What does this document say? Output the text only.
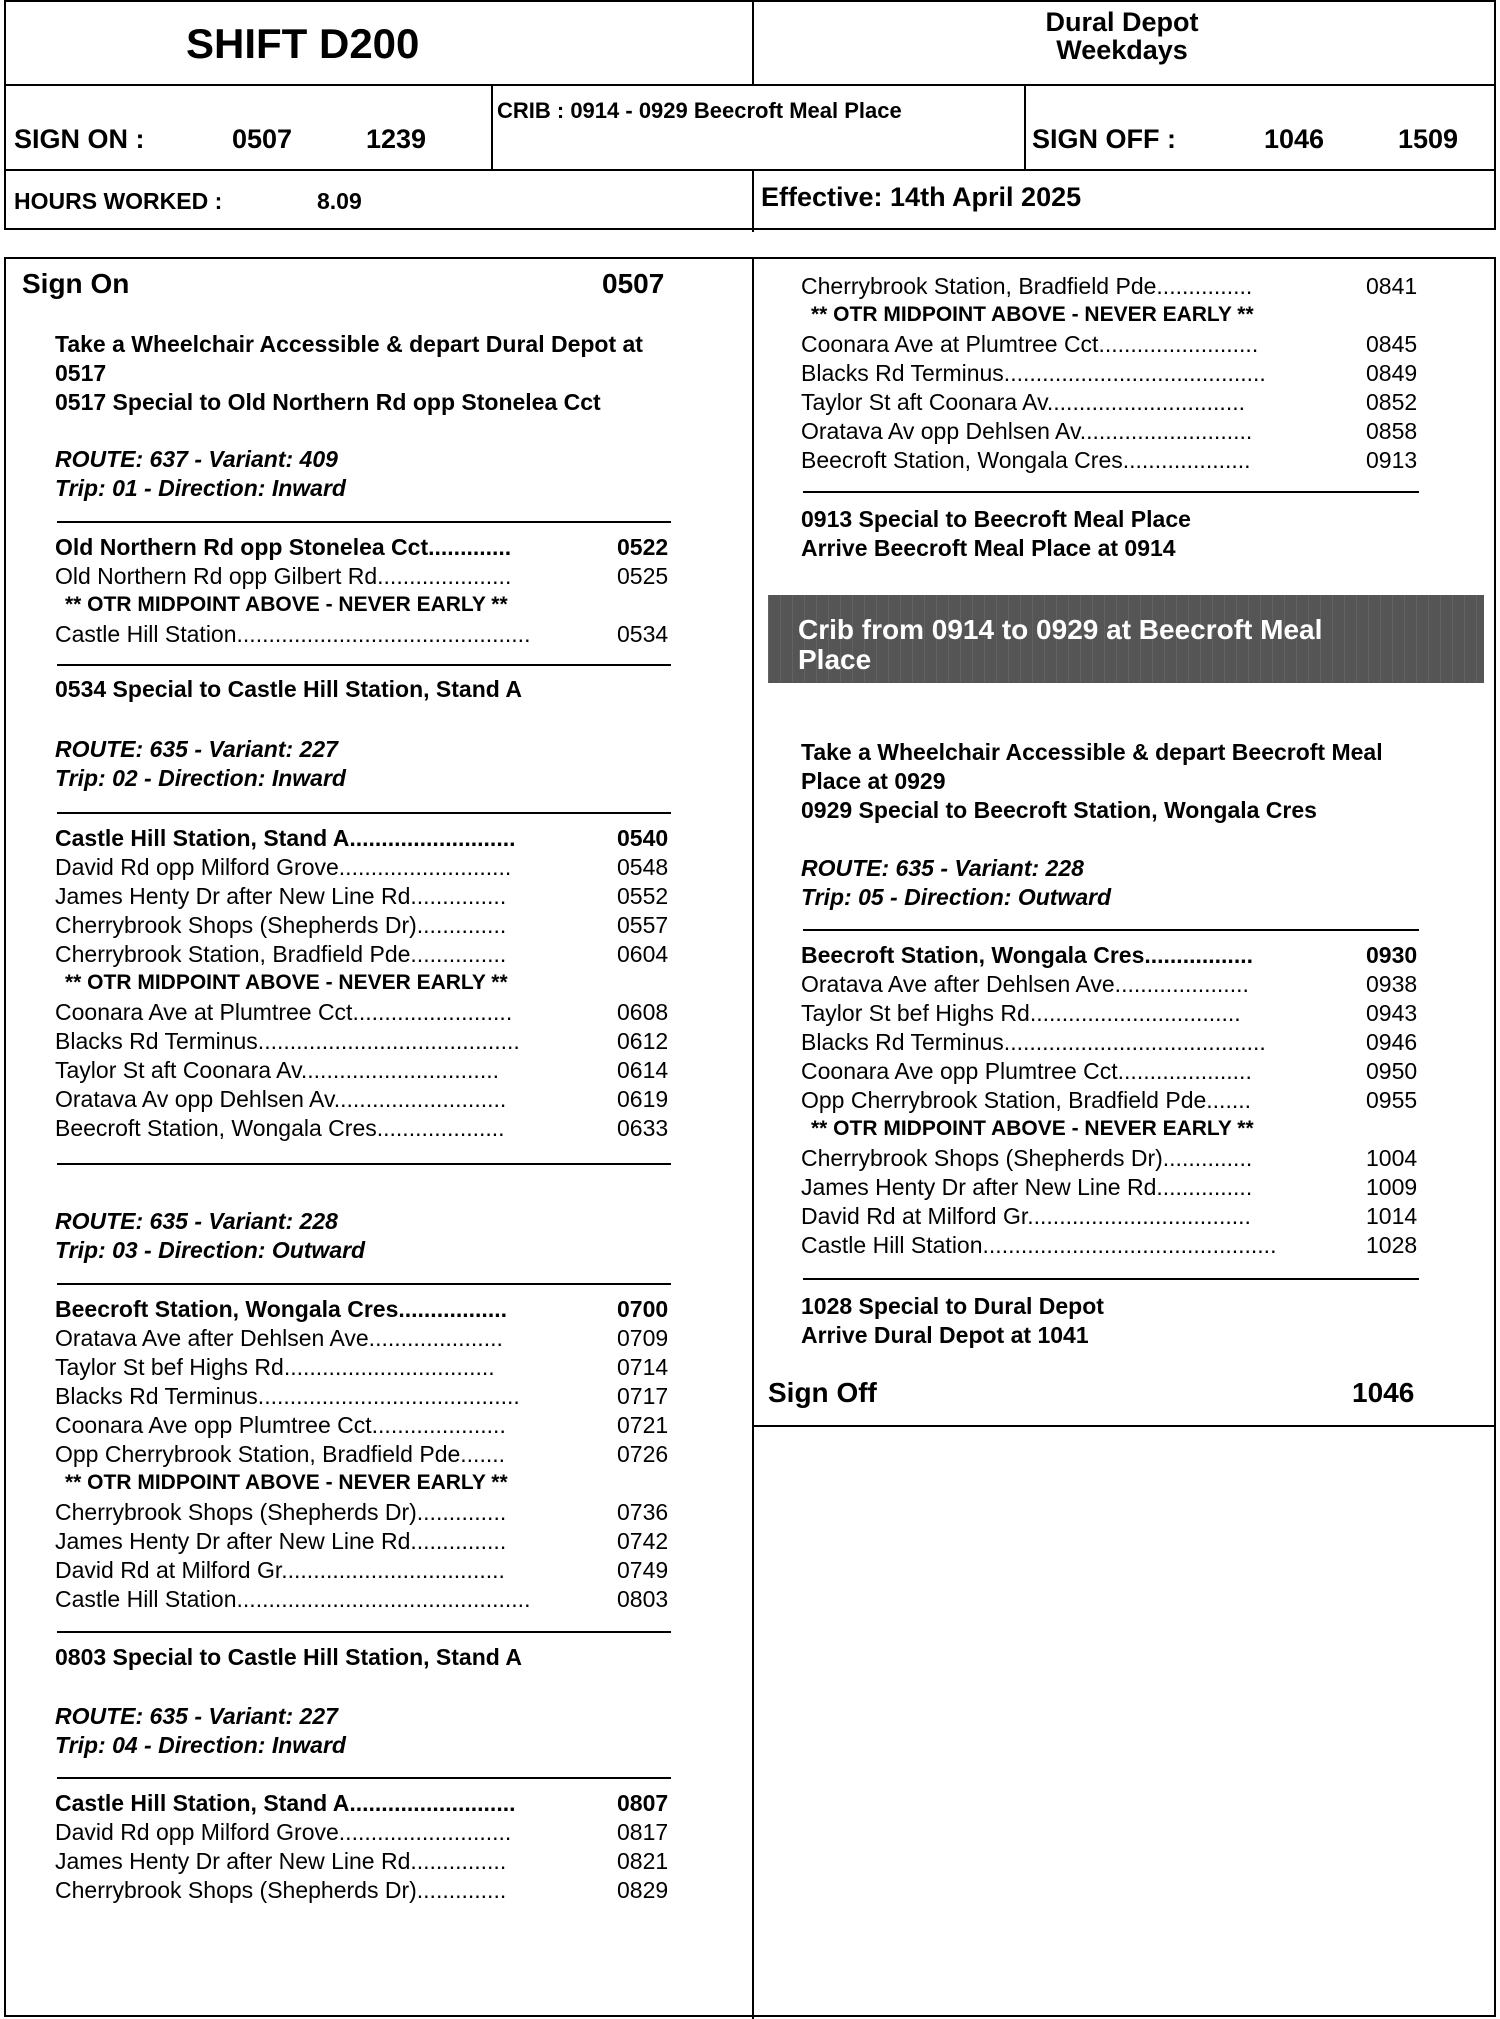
SHIFT D200	Dural Depot
Weekdays
SIGN ON :	0507	1239
CRIB : 0914 - 0929 Beecroft Meal Place
SIGN OFF :	1046	1509
HOURS WORKED :	8.09	Effective: 14th April 2025
Sign On	0507
Take a Wheelchair Accessible & depart Dural Depot at
0517
0517 Special to Old Northern Rd opp Stonelea Cct
ROUTE: 637 - Variant: 409
Trip: 01 - Direction: Inward
Old Northern Rd opp Stonelea Cct.............	0522
Old Northern Rd opp Gilbert Rd.....................	0525
** OTR MIDPOINT ABOVE - NEVER EARLY **
Castle Hill Station..............................................	0534
0534 Special to Castle Hill Station, Stand A
ROUTE: 635 - Variant: 227
Trip: 02 - Direction: Inward
Castle Hill Station, Stand A..........................	0540
David Rd opp Milford Grove...........................	0548
James Henty Dr after New Line Rd...............	0552
Cherrybrook Shops (Shepherds Dr)..............	0557
Cherrybrook Station, Bradfield Pde...............	0604
** OTR MIDPOINT ABOVE - NEVER EARLY **
Coonara Ave at Plumtree Cct.........................	0608
Blacks Rd Terminus.........................................	0612
Taylor St aft Coonara Av...............................	0614
Oratava Av opp Dehlsen Av...........................	0619
Beecroft Station, Wongala Cres....................	0633
ROUTE: 635 - Variant: 228
Trip: 03 - Direction: Outward
Beecroft Station, Wongala Cres.................	0700
Oratava Ave after Dehlsen Ave.....................	0709
Taylor St bef Highs Rd.................................	0714
Blacks Rd Terminus.........................................	0717
Coonara Ave opp Plumtree Cct.....................	0721
Opp Cherrybrook Station, Bradfield Pde.......	0726
** OTR MIDPOINT ABOVE - NEVER EARLY **
Cherrybrook Shops (Shepherds Dr)..............	0736
James Henty Dr after New Line Rd...............	0742
David Rd at Milford Gr...................................	0749
Castle Hill Station..............................................	0803
0803 Special to Castle Hill Station, Stand A
ROUTE: 635 - Variant: 227
Trip: 04 - Direction: Inward
Castle Hill Station, Stand A..........................	0807
David Rd opp Milford Grove...........................	0817
James Henty Dr after New Line Rd...............	0821
Cherrybrook Shops (Shepherds Dr)..............	0829
Cherrybrook Station, Bradfield Pde...............	0841
** OTR MIDPOINT ABOVE - NEVER EARLY **
Coonara Ave at Plumtree Cct.........................	0845
Blacks Rd Terminus.........................................	0849
Taylor St aft Coonara Av...............................	0852
Oratava Av opp Dehlsen Av...........................	0858
Beecroft Station, Wongala Cres....................	0913
0913 Special to Beecroft Meal Place
Arrive Beecroft Meal Place at 0914
Crib from 0914 to 0929 at Beecroft Meal
Place
Take a Wheelchair Accessible & depart Beecroft Meal
Place at 0929
0929 Special to Beecroft Station, Wongala Cres
ROUTE: 635 - Variant: 228
Trip: 05 - Direction: Outward
Beecroft Station, Wongala Cres.................	0930
Oratava Ave after Dehlsen Ave.....................	0938
Taylor St bef Highs Rd.................................	0943
Blacks Rd Terminus.........................................	0946
Coonara Ave opp Plumtree Cct.....................	0950
Opp Cherrybrook Station, Bradfield Pde.......	0955
** OTR MIDPOINT ABOVE - NEVER EARLY **
Cherrybrook Shops (Shepherds Dr)..............	1004
James Henty Dr after New Line Rd...............	1009
David Rd at Milford Gr...................................	1014
Castle Hill Station..............................................	1028
1028 Special to Dural Depot
Arrive Dural Depot at 1041
Sign Off	1046
